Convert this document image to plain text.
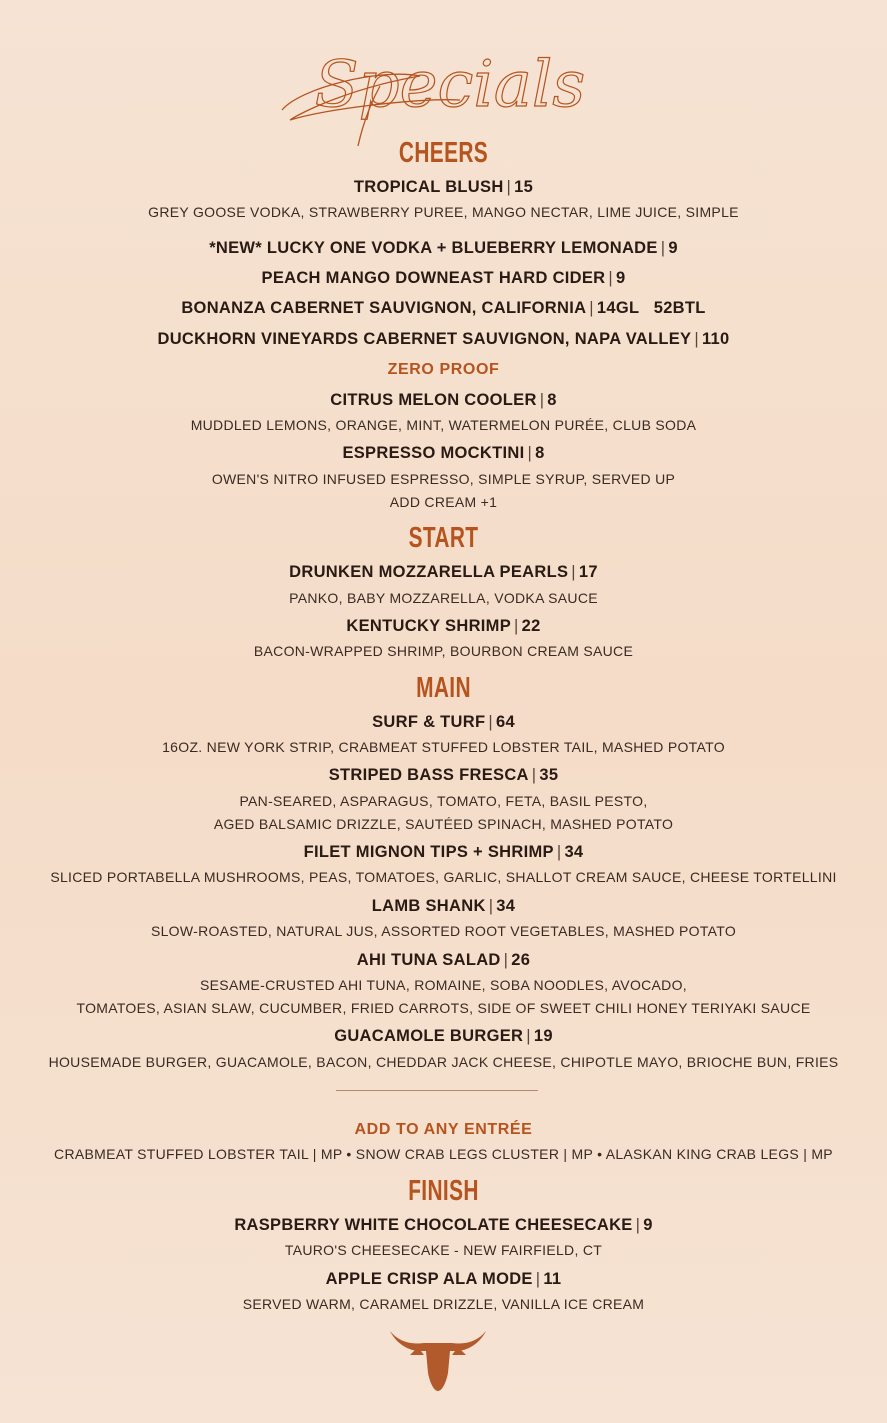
Specials
CHEERS
TROPICAL BLUSH | 15
GREY GOOSE VODKA, STRAWBERRY PUREE, MANGO NECTAR, LIME JUICE, SIMPLE
*NEW* LUCKY ONE VODKA + BLUEBERRY LEMONADE | 9
PEACH MANGO DOWNEAST HARD CIDER | 9
BONANZA CABERNET SAUVIGNON, CALIFORNIA | 14GL   52BTL
DUCKHORN VINEYARDS CABERNET SAUVIGNON, NAPA VALLEY | 110
ZERO PROOF
CITRUS MELON COOLER | 8
MUDDLED LEMONS, ORANGE, MINT, WATERMELON PURÉE, CLUB SODA
ESPRESSO MOCKTINI | 8
OWEN'S NITRO INFUSED ESPRESSO, SIMPLE SYRUP, SERVED UP
ADD CREAM +1
START
DRUNKEN MOZZARELLA PEARLS | 17
PANKO, BABY MOZZARELLA, VODKA SAUCE
KENTUCKY SHRIMP | 22
BACON-WRAPPED SHRIMP, BOURBON CREAM SAUCE
MAIN
SURF & TURF | 64
16OZ. NEW YORK STRIP, CRABMEAT STUFFED LOBSTER TAIL, MASHED POTATO
STRIPED BASS FRESCA | 35
PAN-SEARED, ASPARAGUS, TOMATO, FETA, BASIL PESTO,
AGED BALSAMIC DRIZZLE, SAUTÉED SPINACH, MASHED POTATO
FILET MIGNON TIPS + SHRIMP | 34
SLICED PORTABELLA MUSHROOMS, PEAS, TOMATOES, GARLIC, SHALLOT CREAM SAUCE, CHEESE TORTELLINI
LAMB SHANK | 34
SLOW-ROASTED, NATURAL JUS, ASSORTED ROOT VEGETABLES, MASHED POTATO
AHI TUNA SALAD | 26
SESAME-CRUSTED AHI TUNA, ROMAINE, SOBA NOODLES, AVOCADO,
TOMATOES, ASIAN SLAW, CUCUMBER, FRIED CARROTS, SIDE OF SWEET CHILI HONEY TERIYAKI SAUCE
GUACAMOLE BURGER | 19
HOUSEMADE BURGER, GUACAMOLE, BACON, CHEDDAR JACK CHEESE, CHIPOTLE MAYO, BRIOCHE BUN, FRIES
ADD TO ANY ENTRÉE
CRABMEAT STUFFED LOBSTER TAIL | MP • SNOW CRAB LEGS CLUSTER | MP • ALASKAN KING CRAB LEGS | MP
FINISH
RASPBERRY WHITE CHOCOLATE CHEESECAKE | 9
TAURO'S CHEESECAKE - NEW FAIRFIELD, CT
APPLE CRISP ALA MODE | 11
SERVED WARM, CARAMEL DRIZZLE, VANILLA ICE CREAM
